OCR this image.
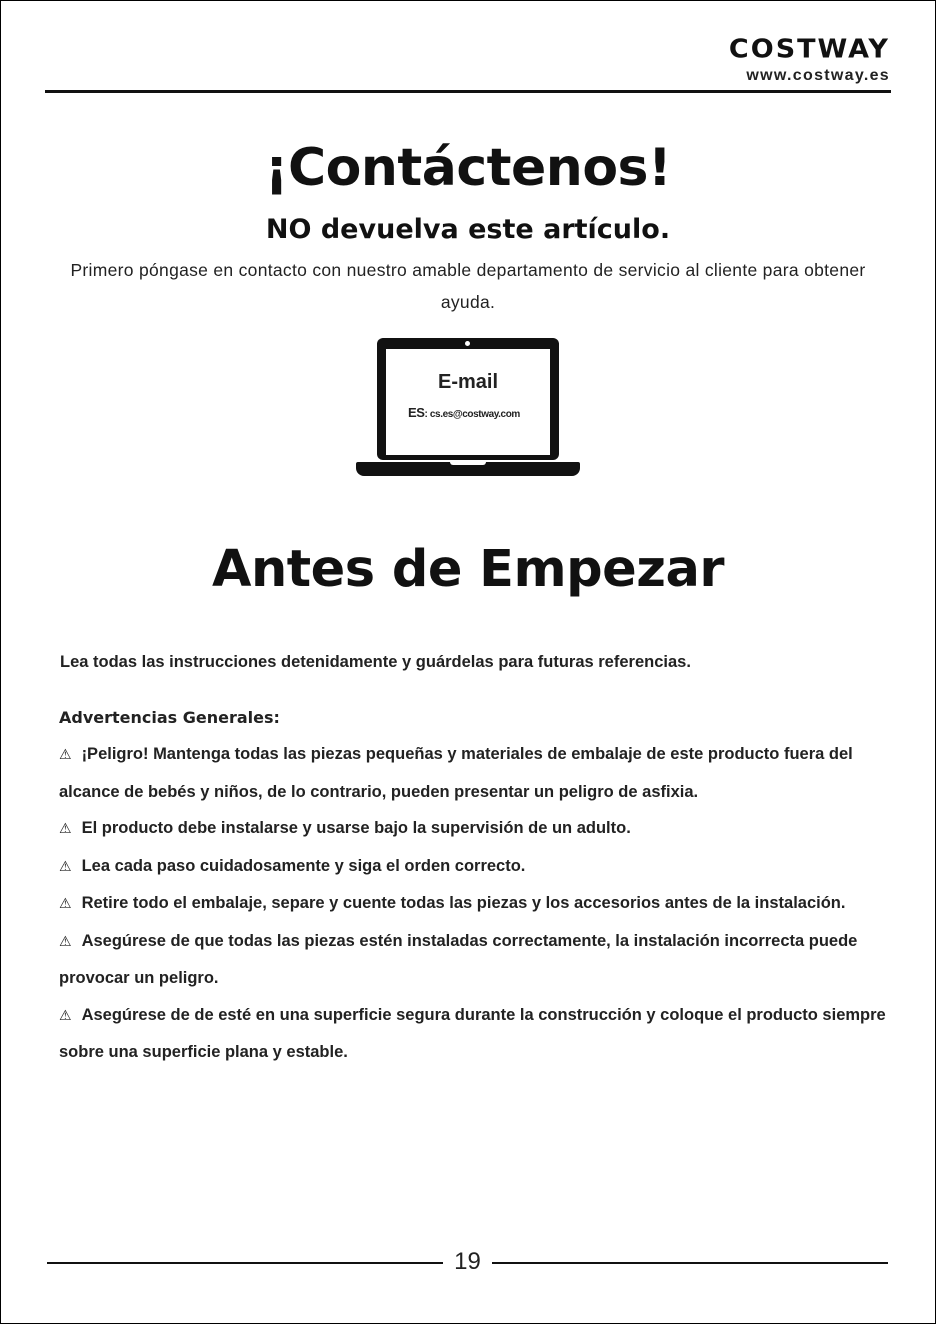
COSTWAY
www.costway.es
¡Contáctenos!
NO devuelva este artículo.
Primero póngase en contacto con nuestro amable departamento de servicio al cliente para obtener ayuda.
E-mail
ES: cs.es@costway.com
Antes de Empezar
Lea todas las instrucciones detenidamente y guárdelas para futuras referencias.
Advertencias Generales:

⚠ ¡Peligro! Mantenga todas las piezas pequeñas y materiales de embalaje de este producto fuera del alcance de bebés y niños, de lo contrario, pueden presentar un peligro de asfixia.

⚠ El producto debe instalarse y usarse bajo la supervisión de un adulto.

⚠ Lea cada paso cuidadosamente y siga el orden correcto.

⚠ Retire todo el embalaje, separe y cuente todas las piezas y los accesorios antes de la instalación.

⚠ Asegúrese de que todas las piezas estén instaladas correctamente, la instalación incorrecta puede provocar un peligro.

⚠ Asegúrese de de esté en una superficie segura durante la construcción y coloque el producto siempre sobre una superficie plana y estable.

19
